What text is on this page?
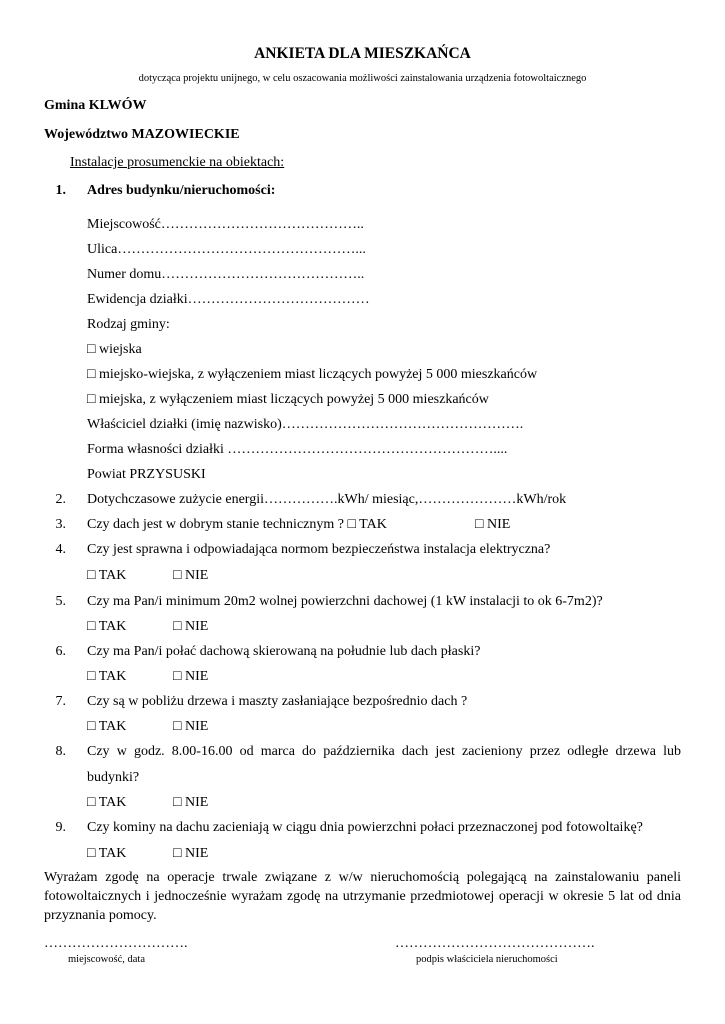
ANKIETA DLA MIESZKAŃCA
dotycząca projektu unijnego, w celu oszacowania możliwości zainstalowania urządzenia fotowoltaicznego
Gmina KLWÓW
Województwo MAZOWIECKIE
Instalacje prosumenckie na obiektach:
1. Adres budynku/nieruchomości:
Miejscowość……………………………………..
Ulica……………………………………………...
Numer domu……………………………………..
Ewidencja działki…………………………………
Rodzaj gminy:
□ wiejska
□ miejsko-wiejska, z wyłączeniem miast liczących powyżej 5 000 mieszkańców
□ miejska, z wyłączeniem miast liczących powyżej 5 000 mieszkańców
Właściciel działki (imię nazwisko)…………………………………………….
Forma własności działki …………………………………………………....
Powiat PRZYSUSKI
2. Dotychczasowe zużycie energii…………….kWh/ miesiąc,…………………kWh/rok
3. Czy dach jest w dobrym stanie technicznym ? □ TAK	□ NIE
4. Czy jest sprawna i odpowiadająca normom bezpieczeństwa instalacja elektryczna?
□ TAK	□ NIE
5. Czy ma Pan/i minimum 20m2 wolnej powierzchni dachowej (1 kW instalacji to ok 6-7m2)?
□ TAK	□ NIE
6. Czy ma Pan/i połać dachową skierowaną na południe lub dach płaski?
□ TAK	□ NIE
7. Czy są w pobliżu drzewa i maszty zasłaniające bezpośrednio dach ?
□ TAK	□ NIE
8. Czy w godz. 8.00-16.00 od marca do października dach jest zacieniony przez odległe drzewa lub
budynki?
□ TAK	□ NIE
9. Czy kominy na dachu zacieniają w ciągu dnia powierzchni połaci przeznaczonej pod fotowoltaikę?
□ TAK	□ NIE
Wyrażam zgodę na operacje trwale związane z w/w nieruchomością polegającą na zainstalowaniu paneli fotowoltaicznych i jednocześnie wyrażam zgodę na utrzymanie przedmiotowej operacji w okresie 5 lat od dnia przyznania pomocy.
………………………….
miejscowość, data
…………………………………….
podpis właściciela nieruchomości
